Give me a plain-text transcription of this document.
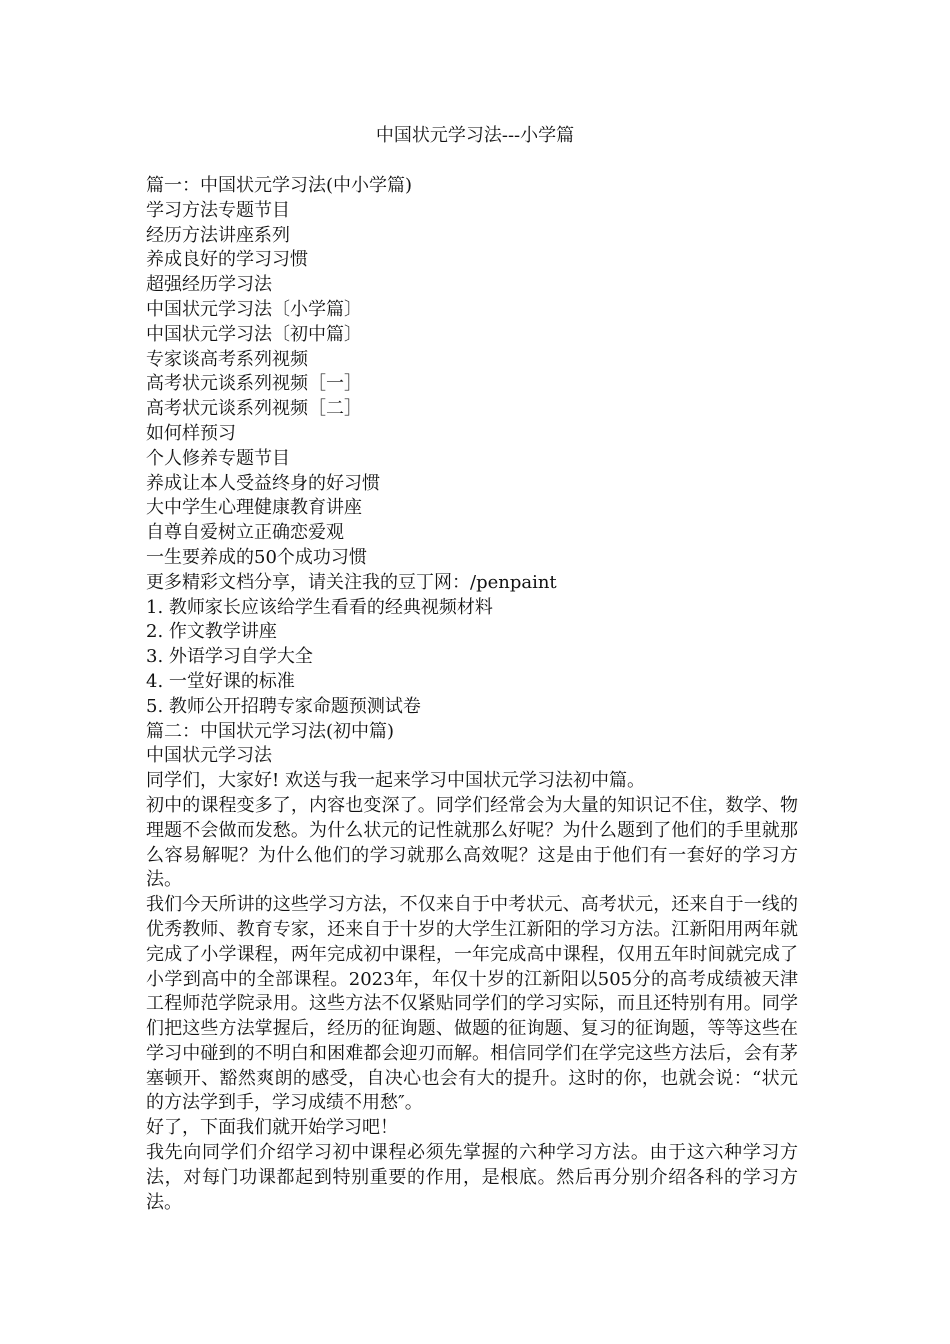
中国状元学习法---小学篇

篇一：中国状元学习法(中小学篇)

学习方法专题节目

经历方法讲座系列

养成良好的学习习惯

超强经历学习法

中国状元学习法〔小学篇〕

中国状元学习法〔初中篇〕

专家谈高考系列视频

高考状元谈系列视频［一］

高考状元谈系列视频［二］

如何样预习

个人修养专题节目

养成让本人受益终身的好习惯

大中学生心理健康教育讲座

自尊自爱树立正确恋爱观

一生要养成的50个成功习惯

更多精彩文档分享，请关注我的豆丁网：/penpaint

1. 教师家长应该给学生看看的经典视频材料

2. 作文教学讲座

3. 外语学习自学大全

4. 一堂好课的标准

5. 教师公开招聘专家命题预测试卷

篇二：中国状元学习法(初中篇)

中国状元学习法

同学们，大家好! 欢送与我一起来学习中国状元学习法初中篇。

初中的课程变多了，内容也变深了。同学们经常会为大量的知识记不住，数学、物理题不会做而发愁。为什么状元的记性就那么好呢？为什么题到了他们的手里就那么容易解呢？为什么他们的学习就那么高效呢？这是由于他们有一套好的学习方法。

我们今天所讲的这些学习方法，不仅来自于中考状元、高考状元，还来自于一线的优秀教师、教育专家，还来自于十岁的大学生江新阳的学习方法。江新阳用两年就完成了小学课程，两年完成初中课程，一年完成高中课程，仅用五年时间就完成了小学到高中的全部课程。2023年，年仅十岁的江新阳以505分的高考成绩被天津工程师范学院录用。这些方法不仅紧贴同学们的学习实际，而且还特别有用。同学们把这些方法掌握后，经历的征询题、做题的征询题、复习的征询题，等等这些在学习中碰到的不明白和困难都会迎刃而解。相信同学们在学完这些方法后，会有茅塞顿开、豁然爽朗的感受，自决心也会有大的提升。这时的你，也就会说：“状元的方法学到手，学习成绩不用愁″。

好了，下面我们就开始学习吧！

我先向同学们介绍学习初中课程必须先掌握的六种学习方法。由于这六种学习方法，对每门功课都起到特别重要的作用，是根底。然后再分别介绍各科的学习方法。
